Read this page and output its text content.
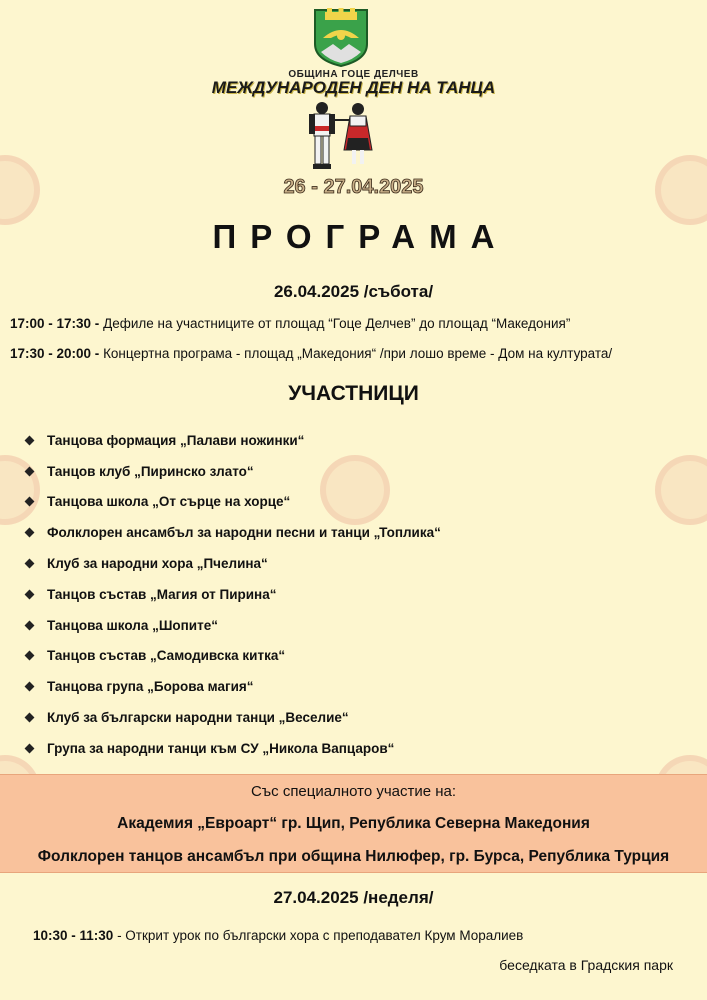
ОБЩИНА ГОЦЕ ДЕЛЧЕВ
МЕЖДУНАРОДЕН ДЕН НА ТАНЦА
26 - 27.04.2025
ПРОГРАМА
26.04.2025 /събота/
17:00 - 17:30 - Дефиле на участниците от площад “Гоце Делчев” до площад “Македония”
17:30 - 20:00 - Концертна програма - площад „Македония“ /при лошо време - Дом на културата/
УЧАСТНИЦИ
Танцова формация „Палави ножинки“
Танцов клуб „Пиринско злато“
Танцова школа „От сърце на хорце“
Фолклорен ансамбъл за народни песни и танци „Топлика“
Клуб за народни хора „Пчелина“
Танцов състав „Магия от Пирина“
Танцова школа „Шопите“
Танцов състав „Самодивска китка“
Танцова група „Борова магия“
Клуб за български народни танци „Веселие“
Група за народни танци към СУ „Никола Вапцаров“
Със специалното участие на:
Академия „Евроарт“ гр. Щип, Република Северна Македония
Фолклорен танцов ансамбъл при община Нилюфер, гр. Бурса, Република Турция
27.04.2025 /неделя/
10:30 - 11:30 - Открит урок по български хора с преподавател Крум Моралиев
беседката в Градския парк
